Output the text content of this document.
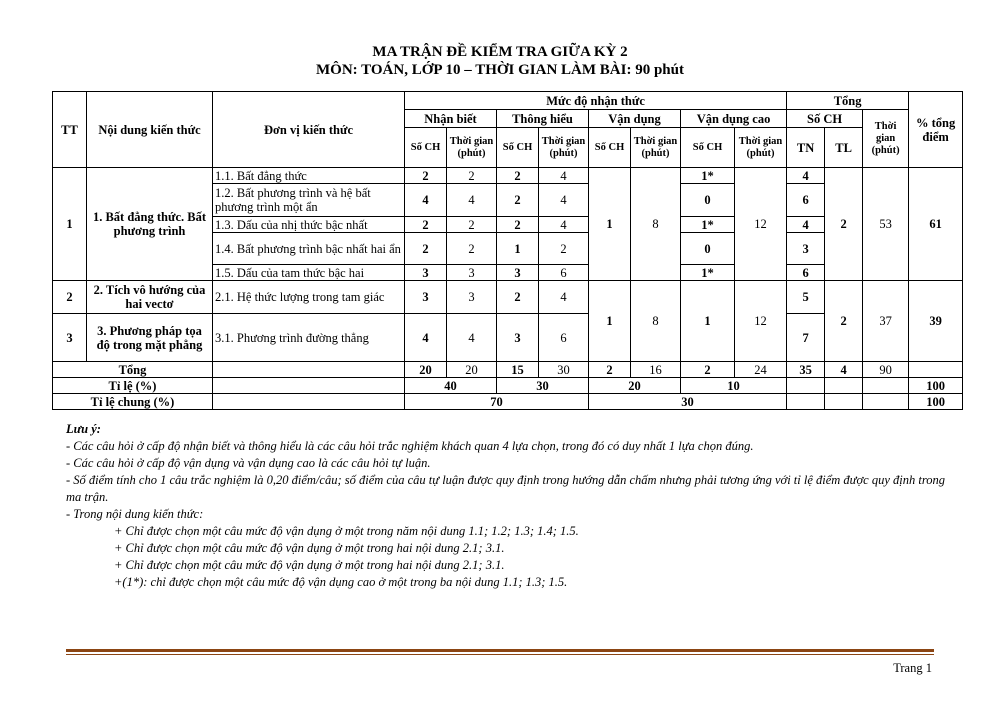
MA TRẬN ĐỀ KIỂM TRA GIỮA KỲ 2
MÔN: TOÁN, LỚP 10 – THỜI GIAN LÀM BÀI: 90 phút
TT	Nội dung kiến thức	Đơn vị kiến thức	Mức độ nhận thức								Tổng			% tổng điểm
			Nhận biết		Thông hiểu		Vận dụng		Vận dụng cao		Số CH		Thời gian (phút)	
			Số CH	Thời gian (phút)	Số CH	Thời gian (phút)	Số CH	Thời gian (phút)	Số CH	Thời gian (phút)	TN	TL		
1	1. Bất đẳng thức. Bất phương trình	1.1. Bất đẳng thức	2	2	2	4	1	8	1*	12	4	2	53	61
		1.2. Bất phương trình và hệ bất phương trình một ẩn	4	4	2	4			0		6			
		1.3. Dấu của nhị thức bậc nhất	2	2	2	4			1*		4			
		1.4. Bất phương trình bậc nhất hai ẩn	2	2	1	2			0		3			
		1.5. Dấu của tam thức bậc hai	3	3	3	6			1*		6			
2	2. Tích vô hướng của hai vectơ	2.1. Hệ thức lượng trong tam giác	3	3	2	4	1	8	1	12	5	2	37	39
3	3. Phương pháp tọa độ trong mặt phẳng	3.1. Phương trình đường thẳng	4	4	3	6					7			
Tổng			20	20	15	30	2	16	2	24	35	4	90	
Tỉ lệ (%)			40		30		20		10					100
Tỉ lệ chung (%)			70				30							100
Lưu ý:
- Các câu hỏi ở cấp độ nhận biết và thông hiểu là các câu hỏi trắc nghiệm khách quan 4 lựa chọn, trong đó có duy nhất 1 lựa chọn đúng.
- Các câu hỏi ở cấp độ vận dụng và vận dụng cao là các câu hỏi tự luận.
- Số điểm tính cho 1 câu trắc nghiệm là 0,20 điểm/câu; số điểm của câu tự luận được quy định trong hướng dẫn chấm nhưng phải tương ứng với tỉ lệ điểm được quy định trong ma trận.
- Trong nội dung kiến thức:
+ Chỉ được chọn một câu mức độ vận dụng ở một trong năm nội dung 1.1; 1.2; 1.3; 1.4; 1.5.
+ Chỉ được chọn một câu mức độ vận dụng ở một trong hai nội dung 2.1; 3.1.
+ Chỉ được chọn một câu mức độ vận dụng ở một trong hai nội dung 2.1; 3.1.
+(1*): chỉ được chọn một câu mức độ vận dụng cao ở một trong ba nội dung 1.1; 1.3; 1.5.
Trang 1
